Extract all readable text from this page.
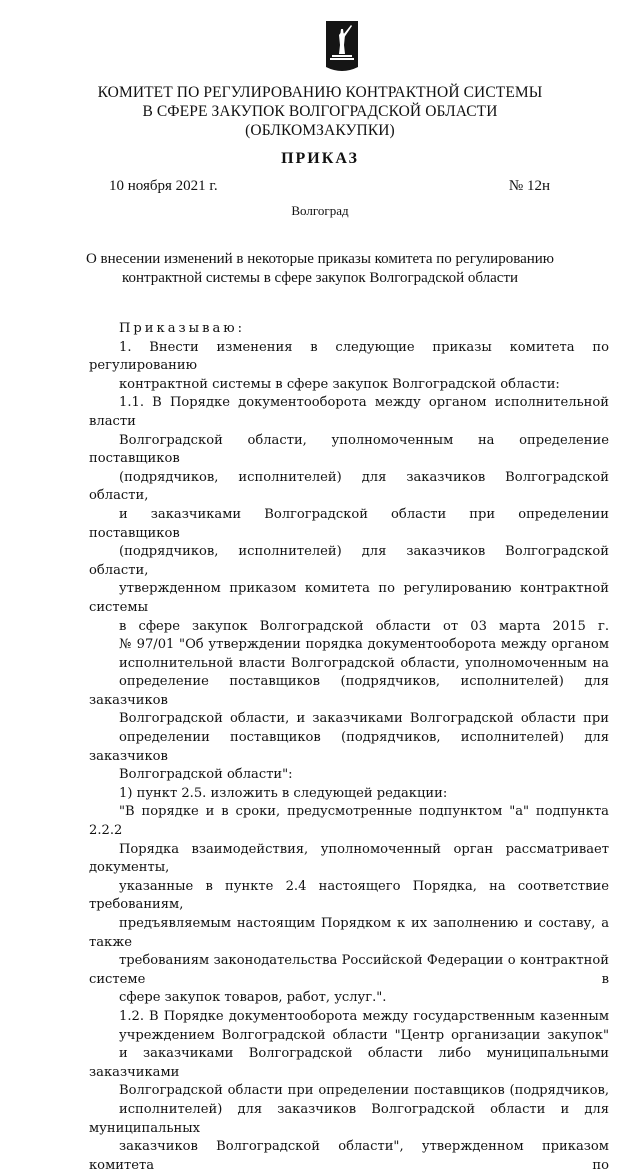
КОМИТЕТ ПО РЕГУЛИРОВАНИЮ КОНТРАКТНОЙ СИСТЕМЫ
В СФЕРЕ ЗАКУПОК ВОЛГОГРАДСКОЙ ОБЛАСТИ
(ОБЛКОМЗАКУПКИ)
ПРИКАЗ
10 ноября 2021 г.	№ 12н
Волгоград
О внесении изменений в некоторые приказы комитета по регулированию
контрактной системы в сфере закупок Волгоградской области

Приказываю:

1. Внести изменения в следующие приказы комитета по регулированию
контрактной системы в сфере закупок Волгоградской области:

1.1. В Порядке документооборота между органом исполнительной власти
Волгоградской области, уполномоченным на определение поставщиков
(подрядчиков, исполнителей) для заказчиков Волгоградской области,
и заказчиками Волгоградской области при определении поставщиков
(подрядчиков, исполнителей) для заказчиков Волгоградской области,
утвержденном приказом комитета по регулированию контрактной системы
в сфере закупок Волгоградской области от 03 марта 2015 г.
№ 97/01 "Об утверждении порядка документооборота между органом
исполнительной власти Волгоградской области, уполномоченным на
определение поставщиков (подрядчиков, исполнителей) для заказчиков
Волгоградской области, и заказчиками Волгоградской области при
определении поставщиков (подрядчиков, исполнителей) для заказчиков
Волгоградской области":

1) пункт 2.5. изложить в следующей редакции:

"В порядке и в сроки, предусмотренные подпунктом "а" подпункта 2.2.2
Порядка взаимодействия, уполномоченный орган рассматривает документы,
указанные в пункте 2.4 настоящего Порядка, на соответствие требованиям,
предъявляемым настоящим Порядком к их заполнению и составу, а также
требованиям законодательства Российской Федерации о контрактной системе в
сфере закупок товаров, работ, услуг.".

1.2. В Порядке документооборота между государственным казенным
учреждением Волгоградской области "Центр организации закупок"
и заказчиками Волгоградской области либо муниципальными заказчиками
Волгоградской области при определении поставщиков (подрядчиков,
исполнителей) для заказчиков Волгоградской области и для муниципальных
заказчиков Волгоградской области", утвержденном приказом комитета по
